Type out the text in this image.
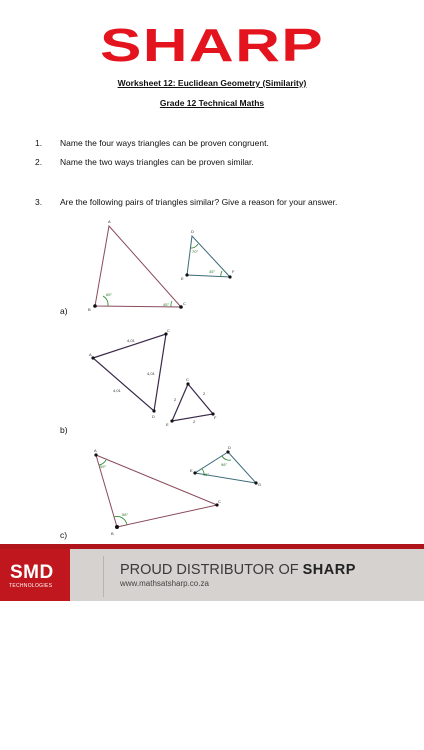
SHARP
Worksheet 12: Euclidean Geometry (Similarity)
Grade 12 Technical Maths
1. Name the four ways triangles can be proven congruent.
2. Name the two ways triangles can be proven similar.
3. Are the following pairs of triangles similar? Give a reason for your answer.
a)
b)
c)
A
B
C
65°
45°
D
E
F
70°
45°
A
C
D
4,01
4,01
4,01
C
E
F
2
2
2
A
B
C
59°
58°
D
E
G
45°
98°
SMD
TECHNOLOGIES
PROUD DISTRIBUTOR OF SHARP
www.mathsatsharp.co.za
